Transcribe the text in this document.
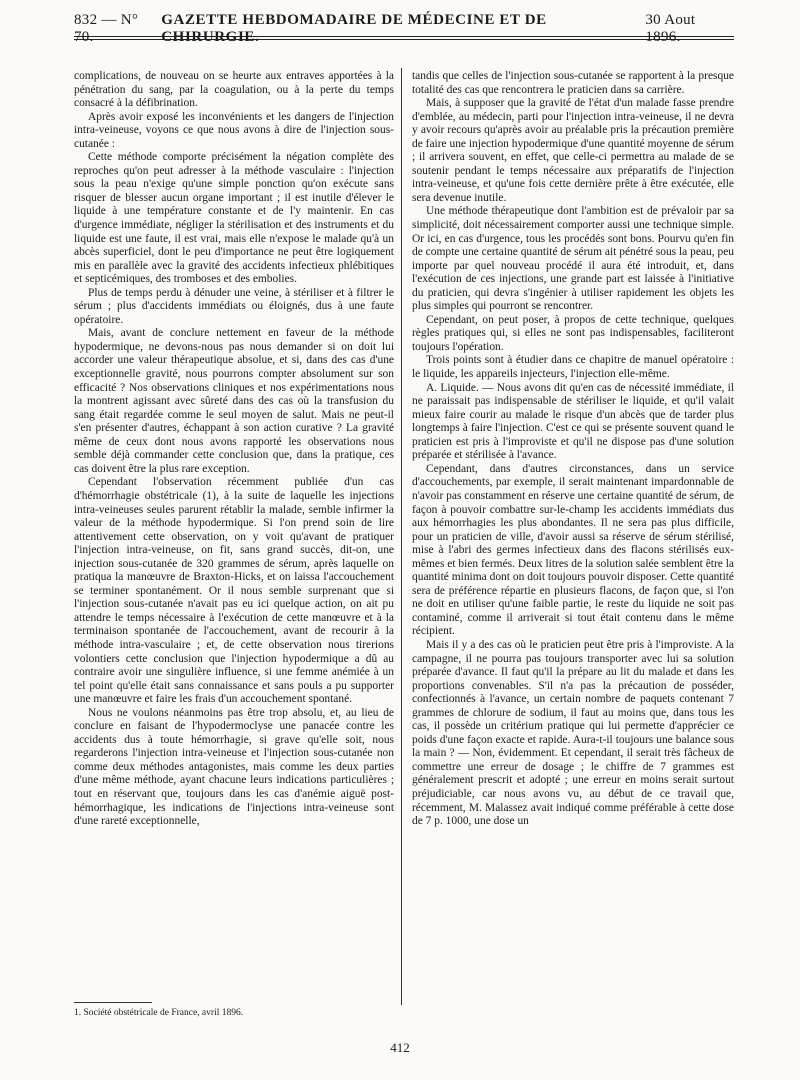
832 — N° 70.
GAZETTE HEBDOMADAIRE DE MÉDECINE ET DE CHIRURGIE.
30 Aout 1896.

complications, de nouveau on se heurte aux entraves apportées à la pénétration du sang, par la coagulation, ou à la perte du temps consacré à la défibrination.

Après avoir exposé les inconvénients et les dangers de l'injection intra-veineuse, voyons ce que nous avons à dire de l'injection sous-cutanée :

Cette méthode comporte précisément la négation complète des reproches qu'on peut adresser à la méthode vasculaire : l'injection sous la peau n'exige qu'une simple ponction qu'on exécute sans risquer de blesser aucun organe important ; il est inutile d'élever le liquide à une température constante et de l'y maintenir. En cas d'urgence immédiate, négliger la stérilisation et des instruments et du liquide est une faute, il est vrai, mais elle n'expose le malade qu'à un abcès superficiel, dont le peu d'importance ne peut être logiquement mis en parallèle avec la gravité des accidents infectieux phlébitiques et septicémiques, des tromboses et des embolies.

Plus de temps perdu à dénuder une veine, à stériliser et à filtrer le sérum ; plus d'accidents immédiats ou éloignés, dus à une faute opératoire.

Mais, avant de conclure nettement en faveur de la méthode hypodermique, ne devons-nous pas nous demander si on doit lui accorder une valeur thérapeutique absolue, et si, dans des cas d'une exceptionnelle gravité, nous pourrons compter absolument sur son efficacité ? Nos observations cliniques et nos expérimentations nous la montrent agissant avec sûreté dans des cas où la transfusion du sang était regardée comme le seul moyen de salut. Mais ne peut-il s'en présenter d'autres, échappant à son action curative ? La gravité même de ceux dont nous avons rapporté les observations nous semble déjà commander cette conclusion que, dans la pratique, ces cas doivent être la plus rare exception.

Cependant l'observation récemment publiée d'un cas d'hémorrhagie obstétricale (1), à la suite de laquelle les injections intra-veineuses seules parurent rétablir la malade, semble infirmer la valeur de la méthode hypodermique. Si l'on prend soin de lire attentivement cette observation, on y voit qu'avant de pratiquer l'injection intra-veineuse, on fit, sans grand succès, dit-on, une injection sous-cutanée de 320 grammes de sérum, après laquelle on pratiqua la manœuvre de Braxton-Hicks, et on laissa l'accouchement se terminer spontanément. Or il nous semble surprenant que si l'injection sous-cutanée n'avait pas eu ici quelque action, on ait pu attendre le temps nécessaire à l'exécution de cette manœuvre et à la terminaison spontanée de l'accouchement, avant de recourir à la méthode intra-vasculaire ; et, de cette observation nous tirerions volontiers cette conclusion que l'injection hypodermique a dû au contraire avoir une singulière influence, si une femme anémiée à un tel point qu'elle était sans connaissance et sans pouls a pu supporter une manœuvre et faire les frais d'un accouchement spontané.

Nous ne voulons néanmoins pas être trop absolu, et, au lieu de conclure en faisant de l'hypodermoclyse une panacée contre les accidents dus à toute hémorrhagie, si grave qu'elle soit, nous regarderons l'injection intra-veineuse et l'injection sous-cutanée non comme deux méthodes antagonistes, mais comme les deux parties d'une même méthode, ayant chacune leurs indications particulières ; tout en réservant que, toujours dans les cas d'anémie aiguë post-hémorrhagique, les indications de l'injections intra-veineuse sont d'une rareté exceptionnelle,

tandis que celles de l'injection sous-cutanée se rapportent à la presque totalité des cas que rencontrera le praticien dans sa carrière.

Mais, à supposer que la gravité de l'état d'un malade fasse prendre d'emblée, au médecin, parti pour l'injection intra-veineuse, il ne devra y avoir recours qu'après avoir au préalable pris la précaution première de faire une injection hypodermique d'une quantité moyenne de sérum ; il arrivera souvent, en effet, que celle-ci permettra au malade de se soutenir pendant le temps nécessaire aux préparatifs de l'injection intra-veineuse, et qu'une fois cette dernière prête à être exécutée, elle sera devenue inutile.

Une méthode thérapeutique dont l'ambition est de prévaloir par sa simplicité, doit nécessairement comporter aussi une technique simple. Or ici, en cas d'urgence, tous les procédés sont bons. Pourvu qu'en fin de compte une certaine quantité de sérum ait pénétré sous la peau, peu importe par quel nouveau procédé il aura été introduit, et, dans l'exécution de ces injections, une grande part est laissée à l'initiative du praticien, qui devra s'ingénier à utiliser rapidement les objets les plus simples qui pourront se rencontrer.

Cependant, on peut poser, à propos de cette technique, quelques règles pratiques qui, si elles ne sont pas indispensables, faciliteront toujours l'opération.

Trois points sont à étudier dans ce chapitre de manuel opératoire : le liquide, les appareils injecteurs, l'injection elle-même.

A. Liquide. — Nous avons dit qu'en cas de nécessité immédiate, il ne paraissait pas indispensable de stériliser le liquide, et qu'il valait mieux faire courir au malade le risque d'un abcès que de tarder plus longtemps à faire l'injection. C'est ce qui se présente souvent quand le praticien est pris à l'improviste et qu'il ne dispose pas d'une solution préparée et stérilisée à l'avance.

Cependant, dans d'autres circonstances, dans un service d'accouchements, par exemple, il serait maintenant impardonnable de n'avoir pas constamment en réserve une certaine quantité de sérum, de façon à pouvoir combattre sur-le-champ les accidents immédiats dus aux hémorrhagies les plus abondantes. Il ne sera pas plus difficile, pour un praticien de ville, d'avoir aussi sa réserve de sérum stérilisé, mise à l'abri des germes infectieux dans des flacons stérilisés eux-mêmes et bien fermés. Deux litres de la solution salée semblent être la quantité minima dont on doit toujours pouvoir disposer. Cette quantité sera de préférence répartie en plusieurs flacons, de façon que, si l'on ne doit en utiliser qu'une faible partie, le reste du liquide ne soit pas contaminé, comme il arriverait si tout était contenu dans le même récipient.

Mais il y a des cas où le praticien peut être pris à l'improviste. A la campagne, il ne pourra pas toujours transporter avec lui sa solution préparée d'avance. Il faut qu'il la prépare au lit du malade et dans les proportions convenables. S'il n'a pas la précaution de posséder, confectionnés à l'avance, un certain nombre de paquets contenant 7 grammes de chlorure de sodium, il faut au moins que, dans tous les cas, il possède un critérium pratique qui lui permette d'apprécier ce poids d'une façon exacte et rapide. Aura-t-il toujours une balance sous la main ? — Non, évidemment. Et cependant, il serait très fâcheux de commettre une erreur de dosage ; le chiffre de 7 grammes est généralement prescrit et adopté ; une erreur en moins serait surtout préjudiciable, car nous avons vu, au début de ce travail que, récemment, M. Malassez avait indiqué comme préférable à cette dose de 7 p. 1000, une dose un

1. Société obstétricale de France, avril 1896.
412
